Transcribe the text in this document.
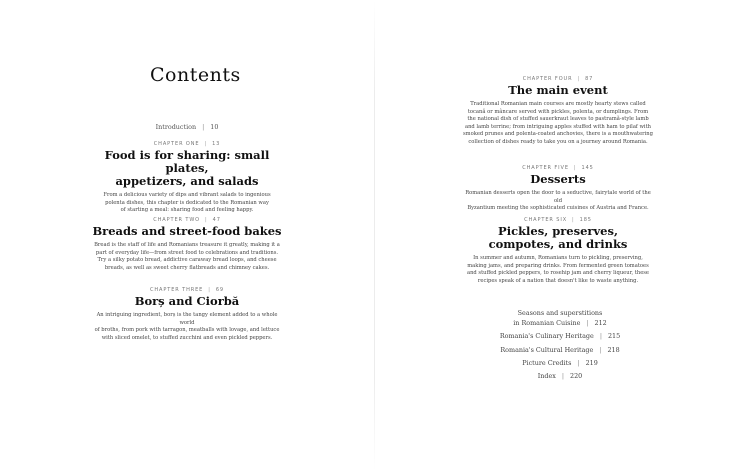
Contents
Introduction | 10
CHAPTER ONE | 13
Food is for sharing: small plates,
appetizers, and salads
From a delicious variety of dips and vibrant salads to ingenious
polenta dishes, this chapter is dedicated to the Romanian way
of starting a meal: sharing food and feeling happy.
CHAPTER TWO | 47
Breads and street-food bakes
Bread is the staff of life and Romanians treasure it greatly, making it a
part of everyday life—from street food to celebrations and traditions.
Try a silky potato bread, addictive caraway bread loops, and cheese
breads, as well as sweet cherry flatbreads and chimney cakes.
CHAPTER THREE | 69
Borș and Ciorbă
An intriguing ingredient, borș is the tangy element added to a whole world
of broths, from pork with tarragon, meatballs with lovage, and lettuce
with sliced omelet, to stuffed zucchini and even pickled peppers.
CHAPTER FOUR | 87
The main event
Traditional Romanian main courses are mostly hearty stews called
tocană or mâncare served with pickles, polenta, or dumplings. From
the national dish of stuffed sauerkraut leaves to pastramă-style lamb
and lamb terrine; from intriguing apples stuffed with ham to pilaf with
smoked prunes and polenta-coated anchovies, there is a mouthwatering
collection of dishes ready to take you on a journey around Romania.
CHAPTER FIVE | 145
Desserts
Romanian desserts open the door to a seductive, fairytale world of the old
Byzantium meeting the sophisticated cuisines of Austria and France.
CHAPTER SIX | 185
Pickles, preserves,
compotes, and drinks
In summer and autumn, Romanians turn to pickling, preserving,
making jams, and preparing drinks. From fermented green tomatoes
and stuffed pickled peppers, to rosehip jam and cherry liqueur, these
recipes speak of a nation that doesn't like to waste anything.
Seasons and superstitions
in Romanian Cuisine | 212
Romania's Culinary Heritage | 215
Romania's Cultural Heritage | 218
Picture Credits | 219
Index | 220
